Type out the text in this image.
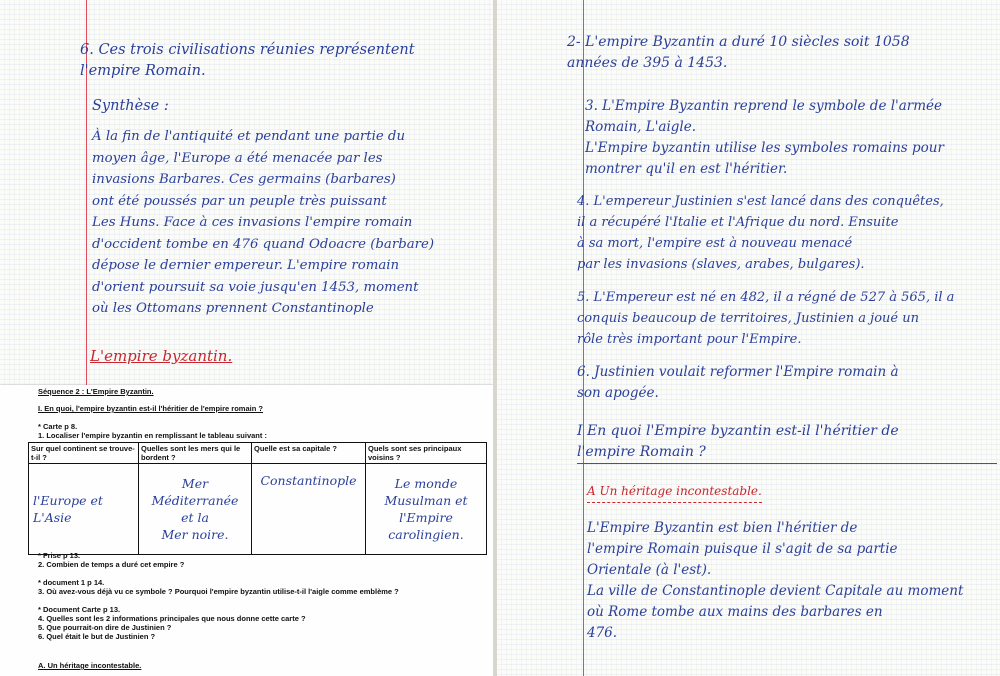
6. Ces trois civilisations réunies représentent
l'empire Romain.

Synthèse :

À la fin de l'antiquité et pendant une partie du
moyen âge, l'Europe a été menacée par les
invasions Barbares. Ces germains (barbares)
ont été poussés par un peuple très puissant
Les Huns. Face à ces invasions l'empire romain
d'occident tombe en 476 quand Odoacre (barbare)
dépose le dernier empereur. L'empire romain
d'orient poursuit sa voie jusqu'en 1453, moment
où les Ottomans prennent Constantinople

L'empire byzantin.

Séquence 2 : L'Empire Byzantin.

I. En quoi, l'empire byzantin est-il l'héritier de l'empire romain ?

* Carte p 8.

1. Localiser l'empire byzantin en remplissant le tableau suivant :

Sur quel continent se trouve-t-il ?	Quelles sont les mers qui le bordent ?	Quelle est sa capitale ?	Quels sont ses principaux voisins ?
l'Europe et L'Asie	Mer Méditerranée
et la
Mer noire.	Constantinople	Le monde
Musulman et
l'Empire
carolingien.

* Frise p 13.

2. Combien de temps a duré cet empire ?

* document 1 p 14.

3. Où avez-vous déjà vu ce symbole ? Pourquoi l'empire byzantin utilise-t-il l'aigle comme emblème ?

* Document Carte p 13.

4. Quelles sont les 2 informations principales que nous donne cette carte ?

5. Que pourrait-on dire de Justinien ?

6. Quel était le but de Justinien ?

A. Un héritage incontestable.

2- L'empire Byzantin a duré 10 siècles soit 1058
années de 395 à 1453.

3. L'Empire Byzantin reprend le symbole de l'armée
Romain, L'aigle.
L'Empire byzantin utilise les symboles romains pour
montrer qu'il en est l'héritier.

4. L'empereur Justinien s'est lancé dans des conquêtes,
il a récupéré l'Italie et l'Afrique du nord. Ensuite
à sa mort, l'empire est à nouveau menacé
par les invasions (slaves, arabes, bulgares).

5. L'Empereur est né en 482, il a régné de 527 à 565, il a
conquis beaucoup de territoires, Justinien a joué un
rôle très important pour l'Empire.

6. Justinien voulait reformer l'Empire romain à
son apogée.

I En quoi l'Empire byzantin est-il l'héritier de
l'empire Romain ?

A Un héritage incontestable.

L'Empire Byzantin est bien l'héritier de
l'empire Romain puisque il s'agit de sa partie
Orientale (à l'est).
La ville de Constantinople devient Capitale au moment
où Rome tombe aux mains des barbares en
476.
